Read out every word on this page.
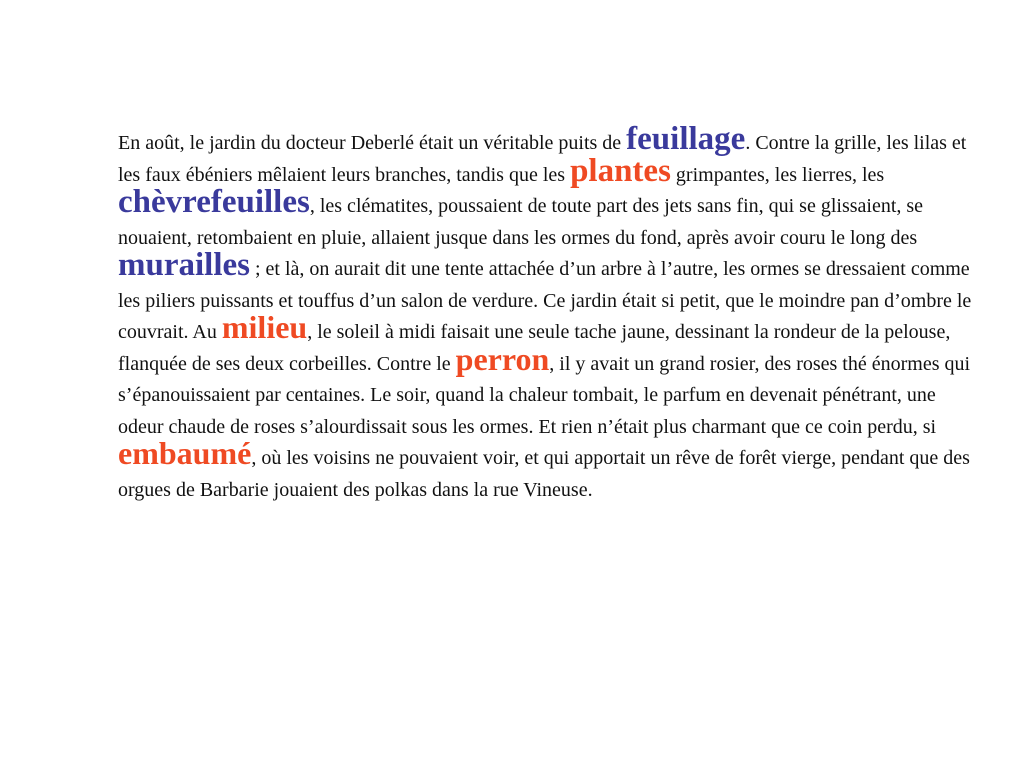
En août, le jardin du docteur Deberlé était un véritable puits de feuillage. Contre la grille, les lilas et les faux ébéniers mêlaient leurs branches, tandis que les plantes grimpantes, les lierres, les chèvrefeuilles, les clématites, poussaient de toute part des jets sans fin, qui se glissaient, se nouaient, retombaient en pluie, allaient jusque dans les ormes du fond, après avoir couru le long des murailles ; et là, on aurait dit une tente attachée d’un arbre à l’autre, les ormes se dressaient comme les piliers puissants et touffus d’un salon de verdure. Ce jardin était si petit, que le moindre pan d’ombre le couvrait. Au milieu, le soleil à midi faisait une seule tache jaune, dessinant la rondeur de la pelouse, flanquée de ses deux corbeilles. Contre le perron, il y avait un grand rosier, des roses thé énormes qui s’épanouissaient par centaines. Le soir, quand la chaleur tombait, le parfum en devenait pénétrant, une odeur chaude de roses s’alourdissait sous les ormes. Et rien n’était plus charmant que ce coin perdu, si embaumé, où les voisins ne pouvaient voir, et qui apportait un rêve de forêt vierge, pendant que des orgues de Barbarie jouaient des polkas dans la rue Vineuse.
